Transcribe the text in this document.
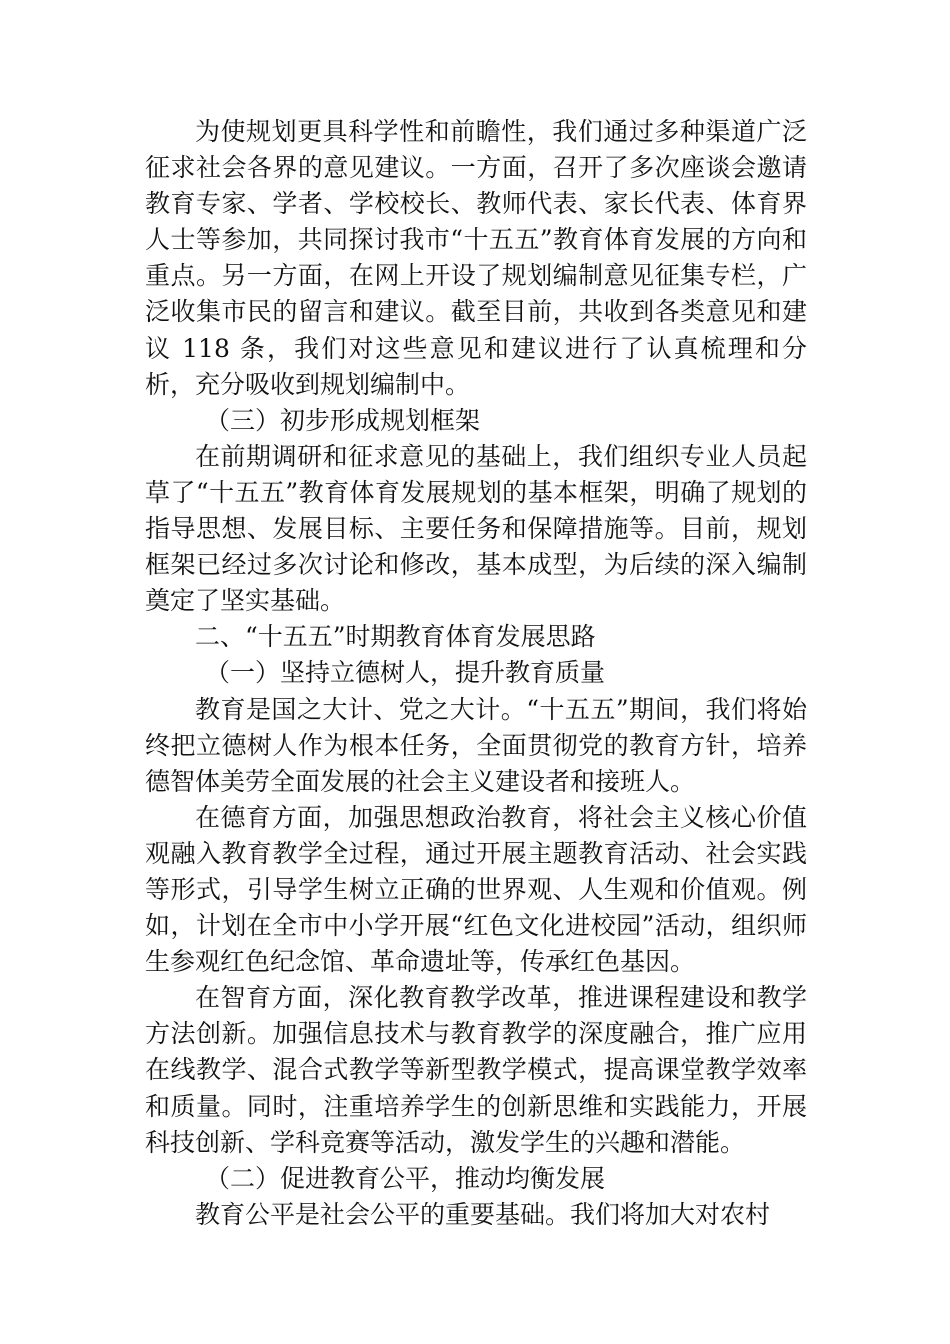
为使规划更具科学性和前瞻性，我们通过多种渠道广泛征求社会各界的意见建议。一方面，召开了多次座谈会邀请教育专家、学者、学校校长、教师代表、家长代表、体育界人士等参加，共同探讨我市“十五五”教育体育发展的方向和重点。另一方面，在网上开设了规划编制意见征集专栏，广泛收集市民的留言和建议。截至目前，共收到各类意见和建议 118 条，我们对这些意见和建议进行了认真梳理和分析，充分吸收到规划编制中。

（三）初步形成规划框架

在前期调研和征求意见的基础上，我们组织专业人员起草了“十五五”教育体育发展规划的基本框架，明确了规划的指导思想、发展目标、主要任务和保障措施等。目前，规划框架已经过多次讨论和修改，基本成型，为后续的深入编制奠定了坚实基础。

二、“十五五”时期教育体育发展思路

（一）坚持立德树人，提升教育质量

教育是国之大计、党之大计。“十五五”期间，我们将始终把立德树人作为根本任务，全面贯彻党的教育方针，培养德智体美劳全面发展的社会主义建设者和接班人。

在德育方面，加强思想政治教育，将社会主义核心价值观融入教育教学全过程，通过开展主题教育活动、社会实践等形式，引导学生树立正确的世界观、人生观和价值观。例如，计划在全市中小学开展“红色文化进校园”活动，组织师生参观红色纪念馆、革命遗址等，传承红色基因。

在智育方面，深化教育教学改革，推进课程建设和教学方法创新。加强信息技术与教育教学的深度融合，推广应用在线教学、混合式教学等新型教学模式，提高课堂教学效率和质量。同时，注重培养学生的创新思维和实践能力，开展科技创新、学科竞赛等活动，激发学生的兴趣和潜能。

（二）促进教育公平，推动均衡发展

教育公平是社会公平的重要基础。我们将加大对农村
